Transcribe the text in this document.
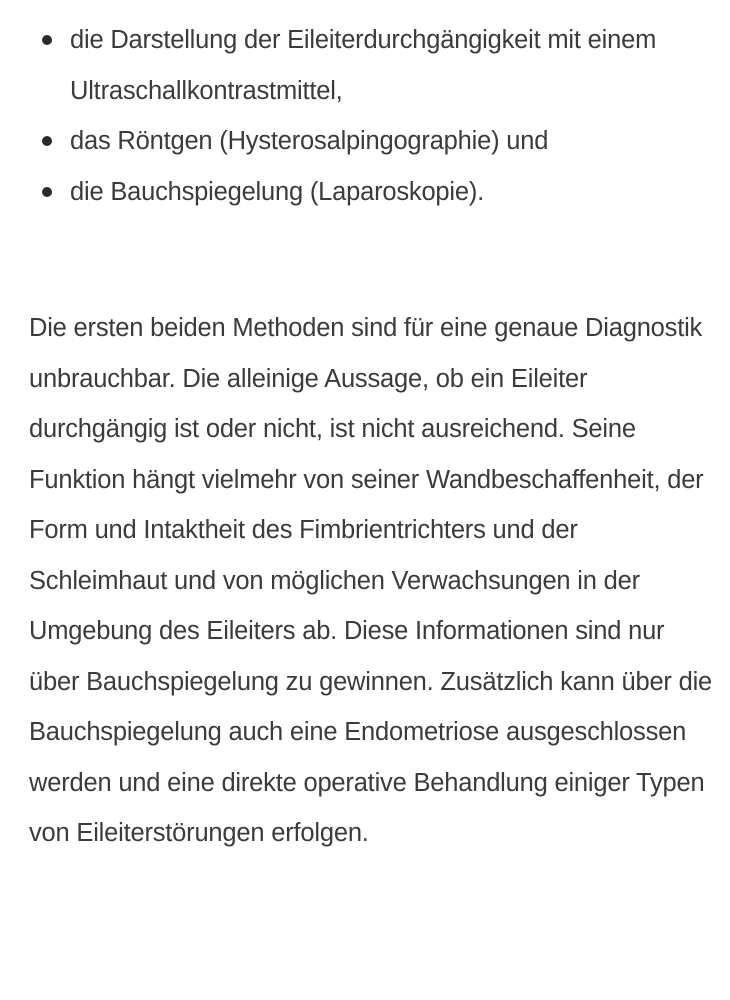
die Darstellung der Eileiterdurchgängigkeit mit einem Ultraschallkontrastmittel,
das Röntgen (Hysterosalpingographie) und
die Bauchspiegelung (Laparoskopie).

Die ersten beiden Methoden sind für eine genaue Diagnostik unbrauchbar. Die alleinige Aussage, ob ein Eileiter durchgängig ist oder nicht, ist nicht ausreichend. Seine Funktion hängt vielmehr von seiner Wandbeschaffenheit, der Form und Intaktheit des Fimbrientrichters und der Schleimhaut und von möglichen Verwachsungen in der Umgebung des Eileiters ab. Diese Informationen sind nur über Bauchspiegelung zu gewinnen. Zusätzlich kann über die Bauchspiegelung auch eine Endometriose ausgeschlossen werden und eine direkte operative Behandlung einiger Typen von Eileiterstörungen erfolgen.
